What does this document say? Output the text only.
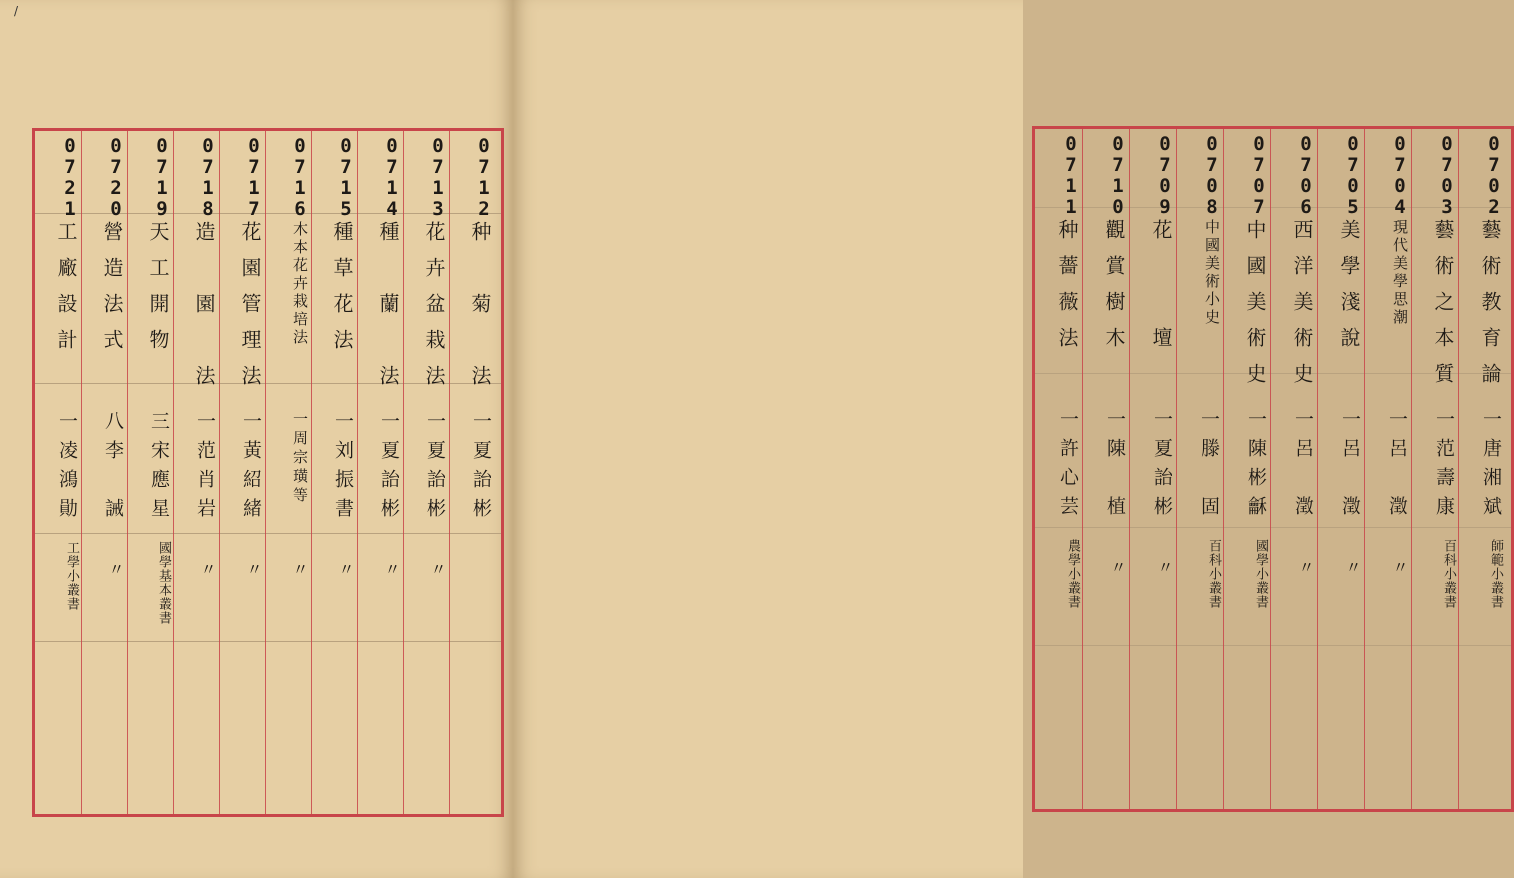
/
0712
种　菊　法
一夏詒彬
0713
花卉盆栽法
一夏詒彬
〃
0714
種　蘭　法
一夏詒彬
〃
0715
種草花法
一刘振書
〃
0716
木本花卉栽培法
一周宗璜等
〃
0717
花園管理法
一黃紹緒
〃
0718
造　園　法
一范肖岩
〃
0719
天工開物
三宋應星
國學基本叢書
0720
營造法式
八李　誡
〃
0721
工廠設計
一凌鴻勛
工學小叢書
0702
藝術教育論
一唐湘斌
師範小叢書
0703
藝術之本質
一范壽康
百科小叢書
0704
現代美學思潮
一呂　澂
〃
0705
美學淺說
一呂　澂
〃
0706
西洋美術史
一呂　澂
〃
0707
中國美術史
一陳彬龢
國學小叢書
0708
中國美術小史
一滕　固
百科小叢書
0709
花　　壇
一夏詒彬
〃
0710
觀賞樹木
一陳　植
〃
0711
种薔薇法
一許心芸
農學小叢書
